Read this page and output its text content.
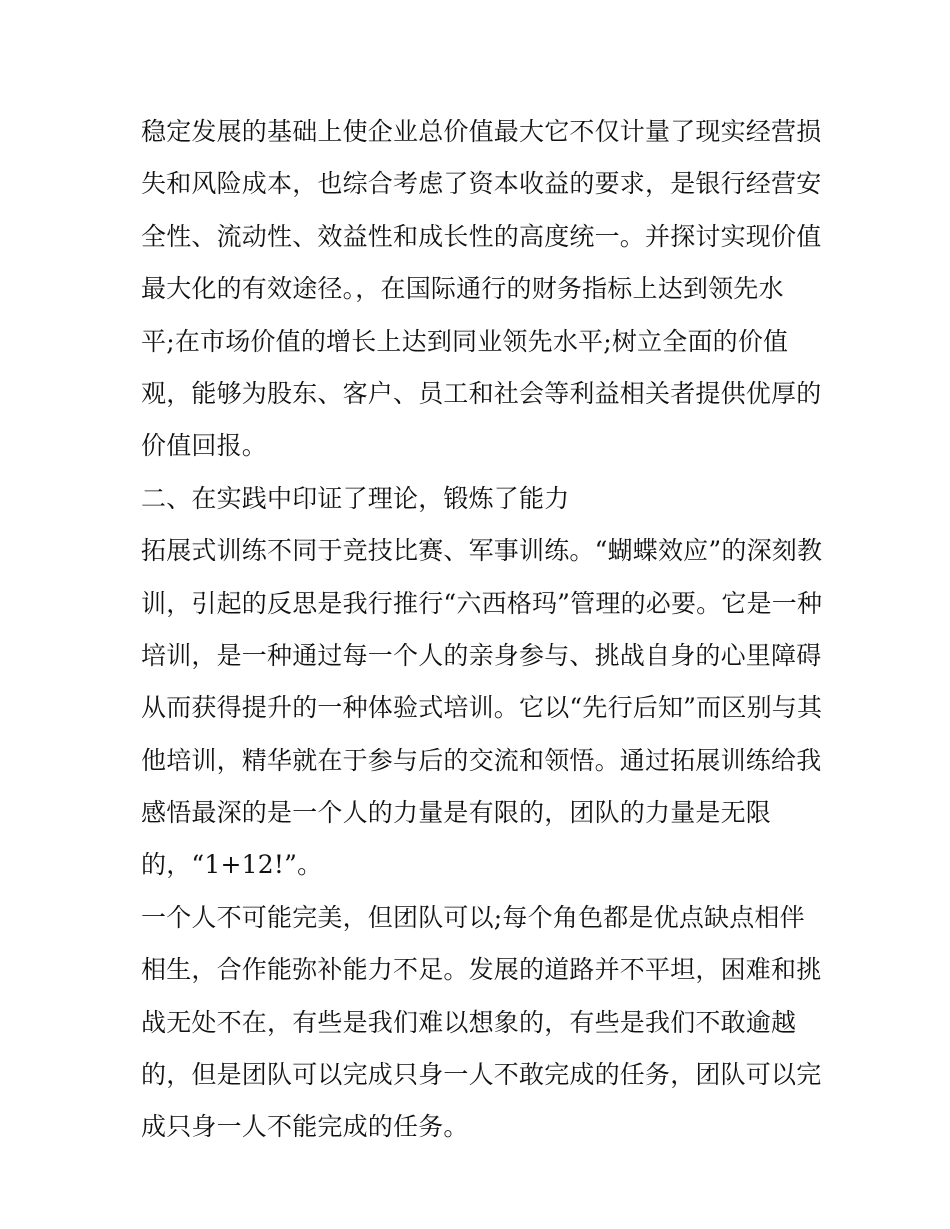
稳定发展的基础上使企业总价值最大它不仅计量了现实经营损
失和风险成本，也综合考虑了资本收益的要求，是银行经营安
全性、流动性、效益性和成长性的高度统一。并探讨实现价值
最大化的有效途径。，在国际通行的财务指标上达到领先水
平;在市场价值的增长上达到同业领先水平;树立全面的价值
观，能够为股东、客户、员工和社会等利益相关者提供优厚的
价值回报。
二、在实践中印证了理论，锻炼了能力
拓展式训练不同于竞技比赛、军事训练。“蝴蝶效应”的深刻教
训，引起的反思是我行推行“六西格玛”管理的必要。它是一种
培训，是一种通过每一个人的亲身参与、挑战自身的心里障碍
从而获得提升的一种体验式培训。它以“先行后知”而区别与其
他培训，精华就在于参与后的交流和领悟。通过拓展训练给我
感悟最深的是一个人的力量是有限的，团队的力量是无限
的，“1+12!”。
一个人不可能完美，但团队可以;每个角色都是优点缺点相伴
相生，合作能弥补能力不足。发展的道路并不平坦，困难和挑
战无处不在，有些是我们难以想象的，有些是我们不敢逾越
的，但是团队可以完成只身一人不敢完成的任务，团队可以完
成只身一人不能完成的任务。
